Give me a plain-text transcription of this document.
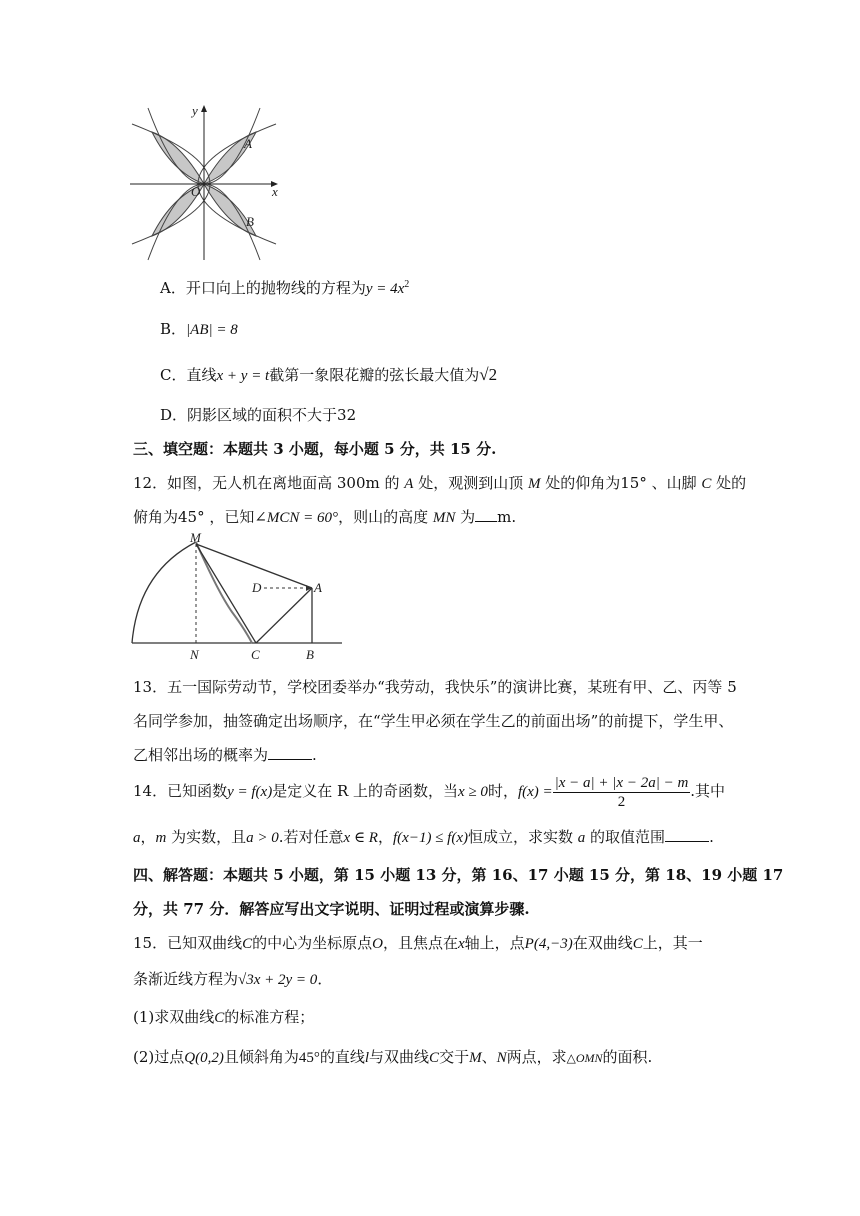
y
x
O
A
B
A．开口向上的抛物线的方程为$y = 4x^2$
B．|AB| = 8
C．直线x + y = t截第一象限花瓣的弦长最大值为√2
D．阴影区域的面积不大于32
三、填空题：本题共 3 小题，每小题 5 分，共 15 分.
12．如图，无人机在离地面高 300m 的 A 处，观测到山顶 M 处的仰角为15° 、山脚 C 处的
俯角为45° ，已知∠MCN = 60°，则山的高度 MN 为 m.
M
D	A
N	C	B
13．五一国际劳动节，学校团委举办“我劳动，我快乐”的演讲比赛，某班有甲、乙、丙等 5
名同学参加，抽签确定出场顺序，在“学生甲必须在学生乙的前面出场”的前提下，学生甲、
乙相邻出场的概率为	.
14．已知函数y = f(x)是定义在 R 上的奇函数，当x ≥ 0时，$f(x) = \frac{|x - a| + |x - 2a| - m}{2}$ .其中
a，m 为实数，且a > 0.若对任意x ∈ R，f(x−1) ≤ f(x)恒成立，求实数 a 的取值范围	.
四、解答题：本题共 5 小题，第 15 小题 13 分，第 16、17 小题 15 分，第 18、19 小题 17
分，共 77 分．解答应写出文字说明、证明过程或演算步骤.
15．已知双曲线C的中心为坐标原点O，且焦点在x轴上，点P(4,−3)在双曲线C上，其一
条渐近线方程为√3x + 2y = 0．
(1)求双曲线C的标准方程；
(2)过点Q(0,2)且倾斜角为45°的直线l与双曲线C交于M、N两点，求△OMN的面积.
